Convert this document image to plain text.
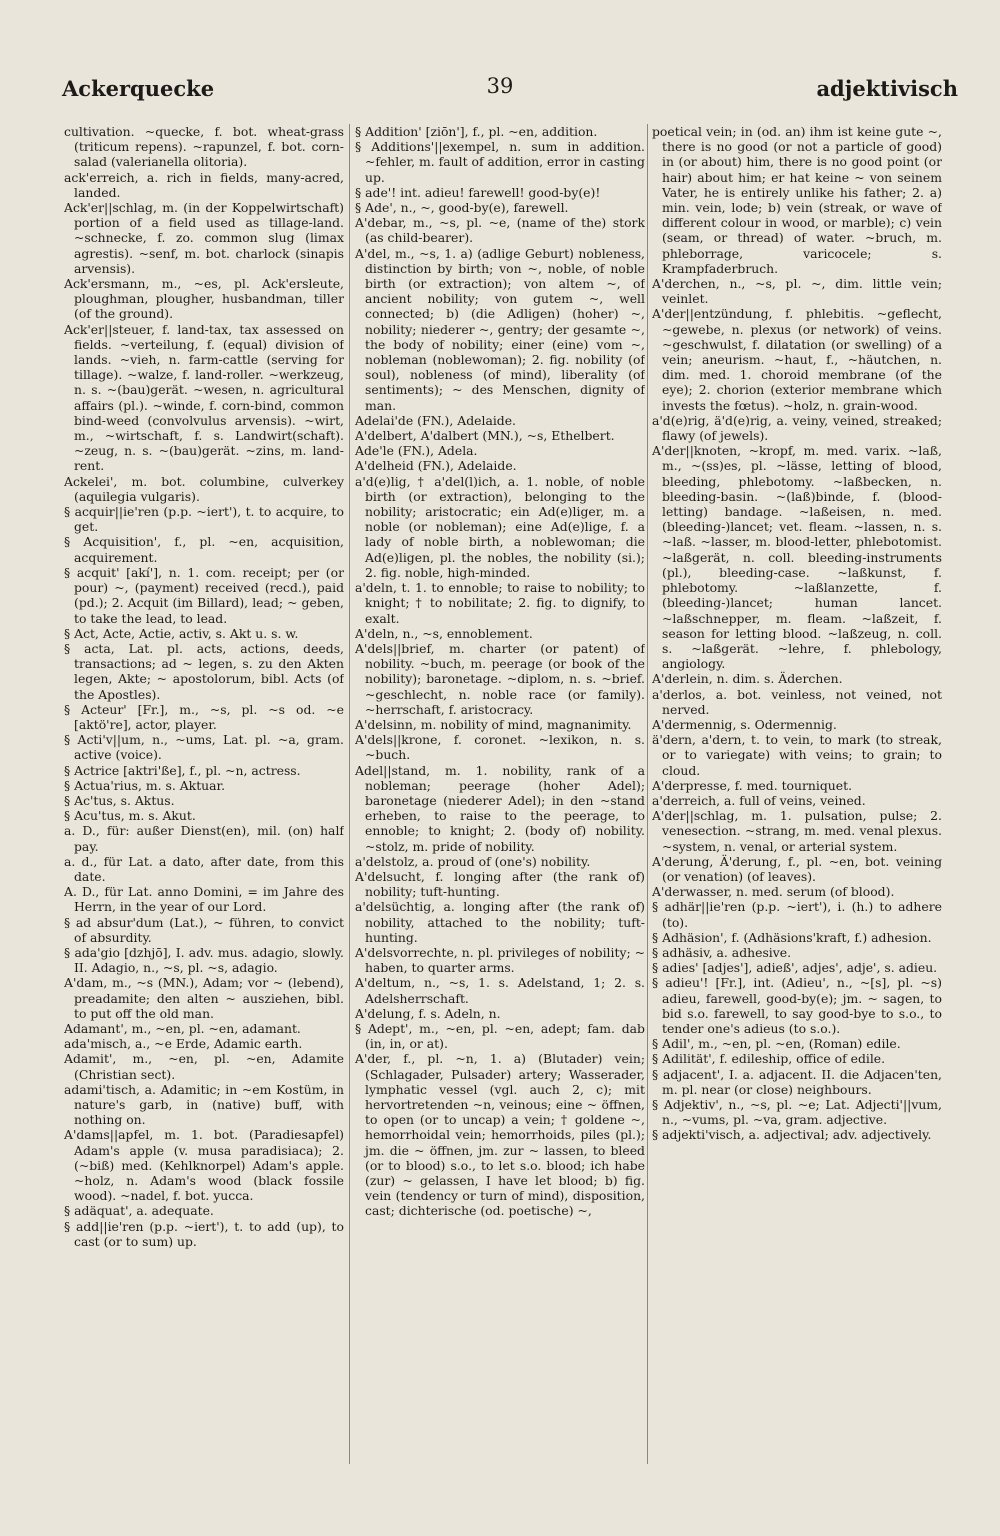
Ackerquecke	39	adjektivisch

cultivation. ~quecke, f. bot. wheat-grass (triticum repens). ~rapunzel, f. bot. corn-salad (valerianella olitoria).

ack'erreich, a. rich in fields, many-acred, landed.

Ack'er||schlag, m. (in der Koppelwirtschaft) portion of a field used as tillage-land. ~schnecke, f. zo. common slug (limax agrestis). ~senf, m. bot. charlock (sinapis arvensis).

Ack'ersmann, m., ~es, pl. Ack'ersleute, ploughman, plougher, husbandman, tiller (of the ground).

Ack'er||steuer, f. land-tax, tax assessed on fields. ~verteilung, f. (equal) division of lands. ~vieh, n. farm-cattle (serving for tillage). ~walze, f. land-roller. ~werkzeug, n. s. ~(bau)gerät. ~wesen, n. agricultural affairs (pl.). ~winde, f. corn-bind, common bind-weed (convolvulus arvensis). ~wirt, m., ~wirtschaft, f. s. Landwirt(schaft). ~zeug, n. s. ~(bau)gerät. ~zins, m. land-rent.

Ackelei', m. bot. columbine, culverkey (aquilegia vulgaris).

§ acquir||ie'ren (p.p. ~iert'), t. to acquire, to get.

§ Acquisition', f., pl. ~en, acquisition, acquirement.

§ acquit' [akí'], n. 1. com. receipt; per (or pour) ~, (payment) received (recd.), paid (pd.); 2. Acquit (im Billard), lead; ~ geben, to take the lead, to lead.

§ Act, Acte, Actie, activ, s. Akt u. s. w.

§ acta, Lat. pl. acts, actions, deeds, transactions; ad ~ legen, s. zu den Akten legen, Akte; ~ apostolorum, bibl. Acts (of the Apostles).

§ Acteur' [Fr.], m., ~s, pl. ~s od. ~e [aktö're], actor, player.

§ Acti'v||um, n., ~ums, Lat. pl. ~a, gram. active (voice).

§ Actrice [aktri'ße], f., pl. ~n, actress.

§ Actua'rius, m. s. Aktuar.

§ Ac'tus, s. Aktus.

§ Acu'tus, m. s. Akut.

a. D., für: außer Dienst(en), mil. (on) half pay.

a. d., für Lat. a dato, after date, from this date.

A. D., für Lat. anno Domini, = im Jahre des Herrn, in the year of our Lord.

§ ad absur'dum (Lat.), ~ führen, to convict of absurdity.

§ ada'gio [dzhjō], I. adv. mus. adagio, slowly. II. Adagio, n., ~s, pl. ~s, adagio.

A'dam, m., ~s (MN.), Adam; vor ~ (lebend), preadamite; den alten ~ ausziehen, bibl. to put off the old man.

Adamant', m., ~en, pl. ~en, adamant.

ada'misch, a., ~e Erde, Adamic earth.

Adamit', m., ~en, pl. ~en, Adamite (Christian sect).

adami'tisch, a. Adamitic; in ~em Kostüm, in nature's garb, in (native) buff, with nothing on.

A'dams||apfel, m. 1. bot. (Paradiesapfel) Adam's apple (v. musa paradisiaca); 2. (~biß) med. (Kehlknorpel) Adam's apple. ~holz, n. Adam's wood (black fossile wood). ~nadel, f. bot. yucca.

§ adäquat', a. adequate.

§ add||ie'ren (p.p. ~iert'), t. to add (up), to cast (or to sum) up.

§ Addition' [ziōn'], f., pl. ~en, addition.

§ Additions'||exempel, n. sum in addition. ~fehler, m. fault of addition, error in casting up.

§ ade'! int. adieu! farewell! good-by(e)!

§ Ade', n., ~, good-by(e), farewell.

A'debar, m., ~s, pl. ~e, (name of the) stork (as child-bearer).

A'del, m., ~s, 1. a) (adlige Geburt) nobleness, distinction by birth; von ~, noble, of noble birth (or extraction); von altem ~, of ancient nobility; von gutem ~, well connected; b) (die Adligen) (hoher) ~, nobility; niederer ~, gentry; der gesamte ~, the body of nobility; einer (eine) vom ~, nobleman (noblewoman); 2. fig. nobility (of soul), nobleness (of mind), liberality (of sentiments); ~ des Menschen, dignity of man.

Adelai'de (FN.), Adelaide.

A'delbert, A'dalbert (MN.), ~s, Ethelbert.

Ade'le (FN.), Adela.

A'delheid (FN.), Adelaide.

a'd(e)lig, † a'del(l)ich, a. 1. noble, of noble birth (or extraction), belonging to the nobility; aristocratic; ein Ad(e)liger, m. a noble (or nobleman); eine Ad(e)lige, f. a lady of noble birth, a noblewoman; die Ad(e)ligen, pl. the nobles, the nobility (si.); 2. fig. noble, high-minded.

a'deln, t. 1. to ennoble; to raise to nobility; to knight; † to nobilitate; 2. fig. to dignify, to exalt.

A'deln, n., ~s, ennoblement.

A'dels||brief, m. charter (or patent) of nobility. ~buch, m. peerage (or book of the nobility); baronetage. ~diplom, n. s. ~brief. ~geschlecht, n. noble race (or family). ~herrschaft, f. aristocracy.

A'delsinn, m. nobility of mind, magnanimity.

A'dels||krone, f. coronet. ~lexikon, n. s. ~buch.

Adel||stand, m. 1. nobility, rank of a nobleman; peerage (hoher Adel); baronetage (niederer Adel); in den ~stand erheben, to raise to the peerage, to ennoble; to knight; 2. (body of) nobility. ~stolz, m. pride of nobility.

a'delstolz, a. proud of (one's) nobility.

A'delsucht, f. longing after (the rank of) nobility; tuft-hunting.

a'delsüchtig, a. longing after (the rank of) nobility, attached to the nobility; tuft-hunting.

A'delsvorrechte, n. pl. privileges of nobility; ~ haben, to quarter arms.

A'deltum, n., ~s, 1. s. Adelstand, 1; 2. s. Adelsherrschaft.

A'delung, f. s. Adeln, n.

§ Adept', m., ~en, pl. ~en, adept; fam. dab (in, in, or at).

A'der, f., pl. ~n, 1. a) (Blutader) vein; (Schlagader, Pulsader) artery; Wasserader, lymphatic vessel (vgl. auch 2, c); mit hervortretenden ~n, veinous; eine ~ öffnen, to open (or to uncap) a vein; † goldene ~, hemorrhoidal vein; hemorrhoids, piles (pl.); jm. die ~ öffnen, jm. zur ~ lassen, to bleed (or to blood) s.o., to let s.o. blood; ich habe (zur) ~ gelassen, I have let blood; b) fig. vein (tendency or turn of mind), disposition, cast; dichterische (od. poetische) ~,

poetical vein; in (od. an) ihm ist keine gute ~, there is no good (or not a particle of good) in (or about) him, there is no good point (or hair) about him; er hat keine ~ von seinem Vater, he is entirely unlike his father; 2. a) min. vein, lode; b) vein (streak, or wave of different colour in wood, or marble); c) vein (seam, or thread) of water. ~bruch, m. phleborrage, varicocele; s. Krampfaderbruch.

A'derchen, n., ~s, pl. ~, dim. little vein; veinlet.

A'der||entzündung, f. phlebitis. ~geflecht, ~gewebe, n. plexus (or network) of veins. ~geschwulst, f. dilatation (or swelling) of a vein; aneurism. ~haut, f., ~häutchen, n. dim. med. 1. choroid membrane (of the eye); 2. chorion (exterior membrane which invests the fœtus). ~holz, n. grain-wood.

a'd(e)rig, ä'd(e)rig, a. veiny, veined, streaked; flawy (of jewels).

A'der||knoten, ~kropf, m. med. varix. ~laß, m., ~(ss)es, pl. ~lässe, letting of blood, bleeding, phlebotomy. ~laßbecken, n. bleeding-basin. ~(laß)binde, f. (blood-letting) bandage. ~laßeisen, n. med. (bleeding-)lancet; vet. fleam. ~lassen, n. s. ~laß. ~lasser, m. blood-letter, phlebotomist. ~laßgerät, n. coll. bleeding-instruments (pl.), bleeding-case. ~laßkunst, f. phlebotomy. ~laßlanzette, f. (bleeding-)lancet; human lancet. ~laßschnepper, m. fleam. ~laßzeit, f. season for letting blood. ~laßzeug, n. coll. s. ~laßgerät. ~lehre, f. phlebology, angiology.

A'derlein, n. dim. s. Äderchen.

a'derlos, a. bot. veinless, not veined, not nerved.

A'dermennig, s. Odermennig.

ä'dern, a'dern, t. to vein, to mark (to streak, or to variegate) with veins; to grain; to cloud.

A'derpresse, f. med. tourniquet.

a'derreich, a. full of veins, veined.

A'der||schlag, m. 1. pulsation, pulse; 2. venesection. ~strang, m. med. venal plexus. ~system, n. venal, or arterial system.

A'derung, Ä'derung, f., pl. ~en, bot. veining (or venation) (of leaves).

A'derwasser, n. med. serum (of blood).

§ adhär||ie'ren (p.p. ~iert'), i. (h.) to adhere (to).

§ Adhäsion', f. (Adhäsions'kraft, f.) adhesion.

§ adhäsiv, a. adhesive.

§ adies' [adjes'], adieß', adjes', adje', s. adieu.

§ adieu'! [Fr.], int. (Adieu', n., ~[s], pl. ~s) adieu, farewell, good-by(e); jm. ~ sagen, to bid s.o. farewell, to say good-bye to s.o., to tender one's adieus (to s.o.).

§ Adil', m., ~en, pl. ~en, (Roman) edile.

§ Adilität', f. edileship, office of edile.

§ adjacent', I. a. adjacent. II. die Adjacen'ten, m. pl. near (or close) neighbours.

§ Adjektiv', n., ~s, pl. ~e; Lat. Adjecti'||vum, n., ~vums, pl. ~va, gram. adjective.

§ adjekti'visch, a. adjectival; adv. adjectively.
